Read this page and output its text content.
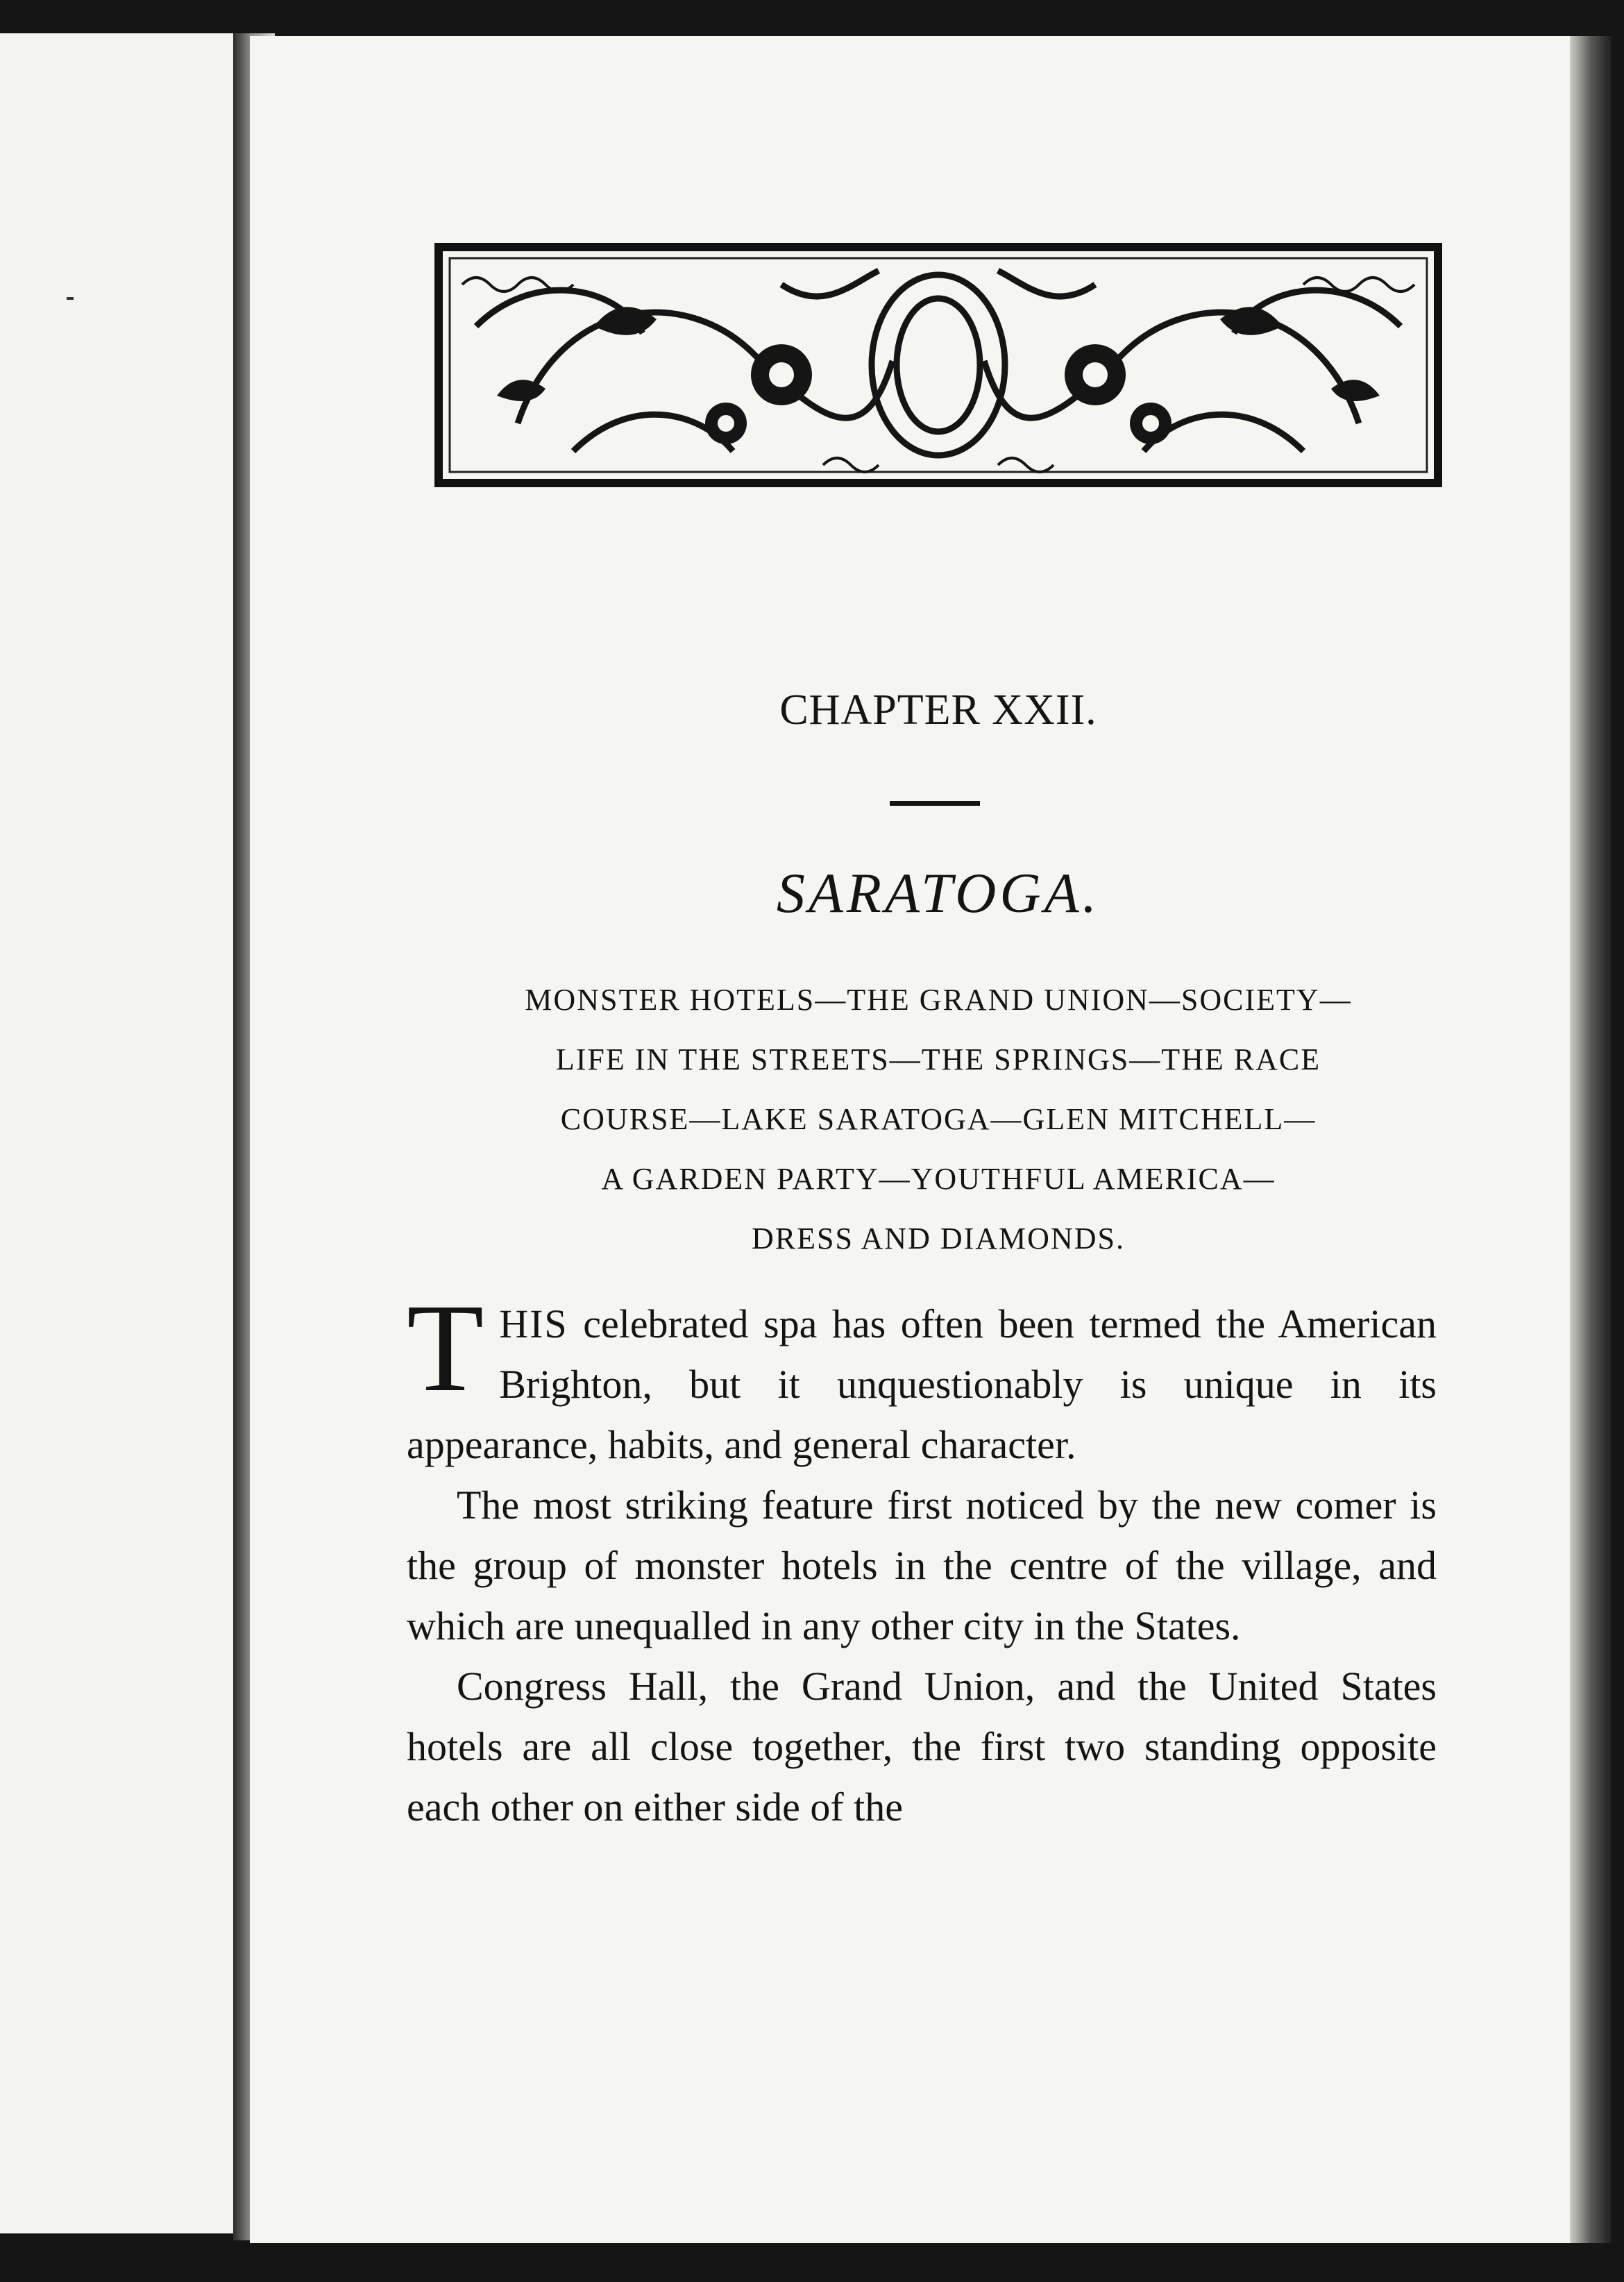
CHAPTER XXII.
SARATOGA.
MONSTER HOTELS—THE GRAND UNION—SOCIETY—
LIFE IN THE STREETS—THE SPRINGS—THE RACE
COURSE—LAKE SARATOGA—GLEN MITCHELL—
A GARDEN PARTY—YOUTHFUL AMERICA—
DRESS AND DIAMONDS.

THIS celebrated spa has often been termed the American Brighton, but it unquestionably is unique in its appearance, habits, and general character.

The most striking feature first noticed by the new comer is the group of monster hotels in the centre of the village, and which are unequalled in any other city in the States.

Congress Hall, the Grand Union, and the United States hotels are all close together, the first two standing opposite each other on either side of the
